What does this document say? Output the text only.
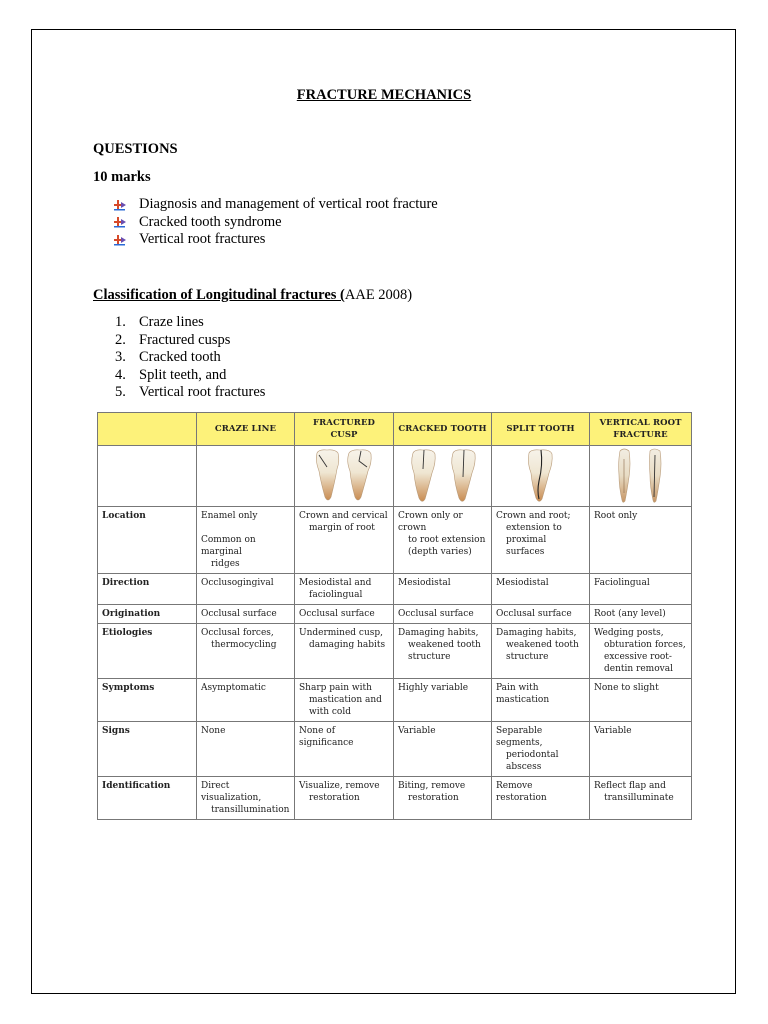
FRACTURE MECHANICS
QUESTIONS
10 marks
Diagnosis and management of vertical root fracture
Cracked tooth syndrome
Vertical root fractures
Classification of Longitudinal fractures (AAE 2008)
1. Craze lines
2. Fractured cusps
3. Cracked tooth
4. Split teeth, and
5. Vertical root fractures
	CRAZE LINE	FRACTURED CUSP	CRACKED TOOTH	SPLIT TOOTH	VERTICAL ROOT FRACTURE

Location	Enamel only

Common on marginal
ridges	Crown and cervical
margin of root	Crown only or crown
to root extension
(depth varies)	Crown and root;
extension to
proximal surfaces	Root only

Direction	Occlusogingival	Mesiodistal and
faciolingual	Mesiodistal	Mesiodistal	Faciolingual
Origination	Occlusal surface	Occlusal surface	Occlusal surface	Occlusal surface	Root (any level)
Etiologies	Occlusal forces,
thermocycling	Undermined cusp,
damaging habits	Damaging habits,
weakened tooth
structure	Damaging habits,
weakened tooth
structure	Wedging posts,
obturation forces,
excessive root-
dentin removal

Symptoms	Asymptomatic	Sharp pain with
mastication and
with cold	Highly variable	Pain with mastication	None to slight
Signs	None	None of significance	Variable	Separable segments,
periodontal abscess	Variable
Identification	Direct visualization,
transillumination	Visualize, remove
restoration	Biting, remove
restoration	Remove restoration	Reflect flap and
transilluminate
